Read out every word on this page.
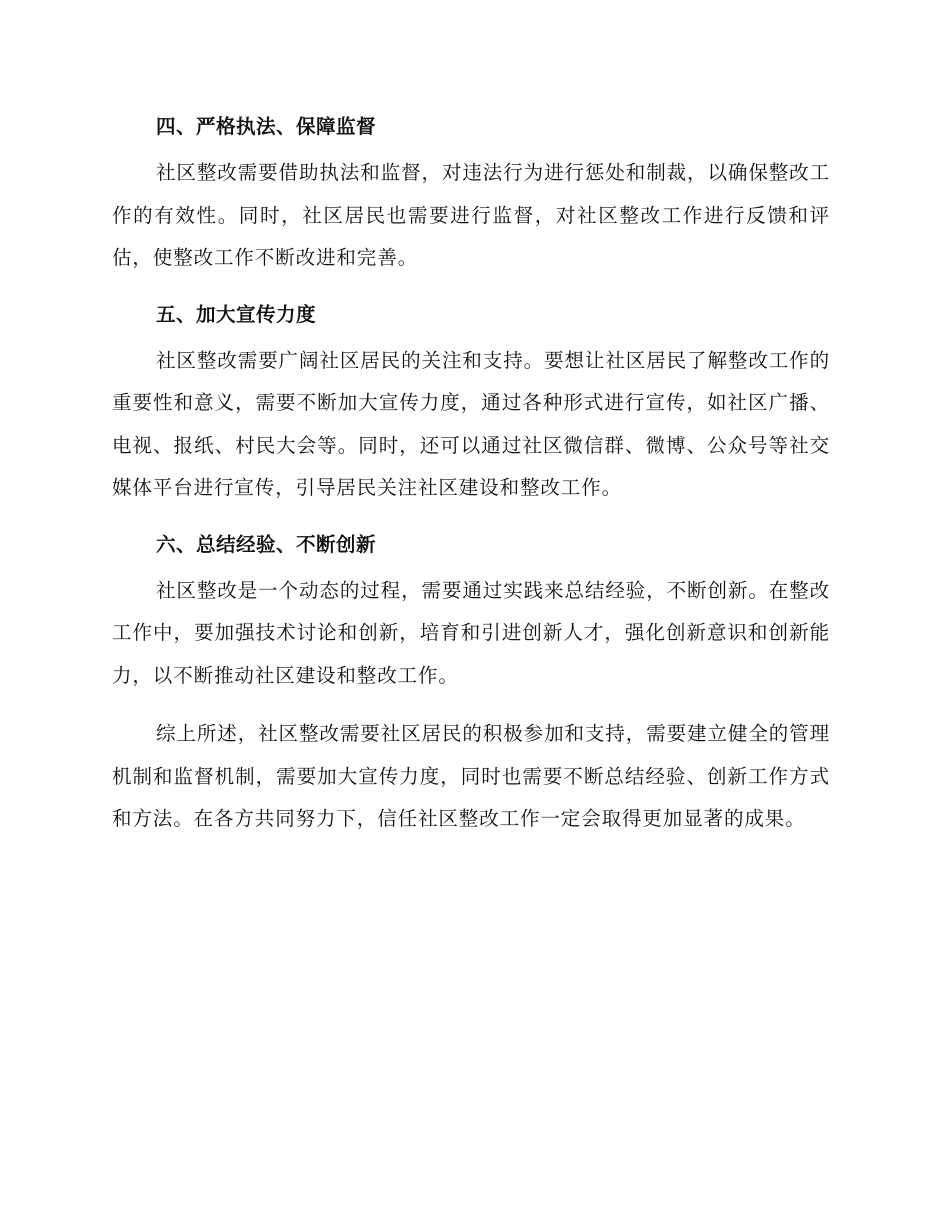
四、严格执法、保障监督
社区整改需要借助执法和监督，对违法行为进行惩处和制裁，以确保整改工作的有效性。同时，社区居民也需要进行监督，对社区整改工作进行反馈和评估，使整改工作不断改进和完善。
五、加大宣传力度
社区整改需要广阔社区居民的关注和支持。要想让社区居民了解整改工作的重要性和意义，需要不断加大宣传力度，通过各种形式进行宣传，如社区广播、电视、报纸、村民大会等。同时，还可以通过社区微信群、微博、公众号等社交媒体平台进行宣传，引导居民关注社区建设和整改工作。
六、总结经验、不断创新
社区整改是一个动态的过程，需要通过实践来总结经验，不断创新。在整改工作中，要加强技术讨论和创新，培育和引进创新人才，强化创新意识和创新能力，以不断推动社区建设和整改工作。
综上所述，社区整改需要社区居民的积极参加和支持，需要建立健全的管理机制和监督机制，需要加大宣传力度，同时也需要不断总结经验、创新工作方式和方法。在各方共同努力下，信任社区整改工作一定会取得更加显著的成果。
